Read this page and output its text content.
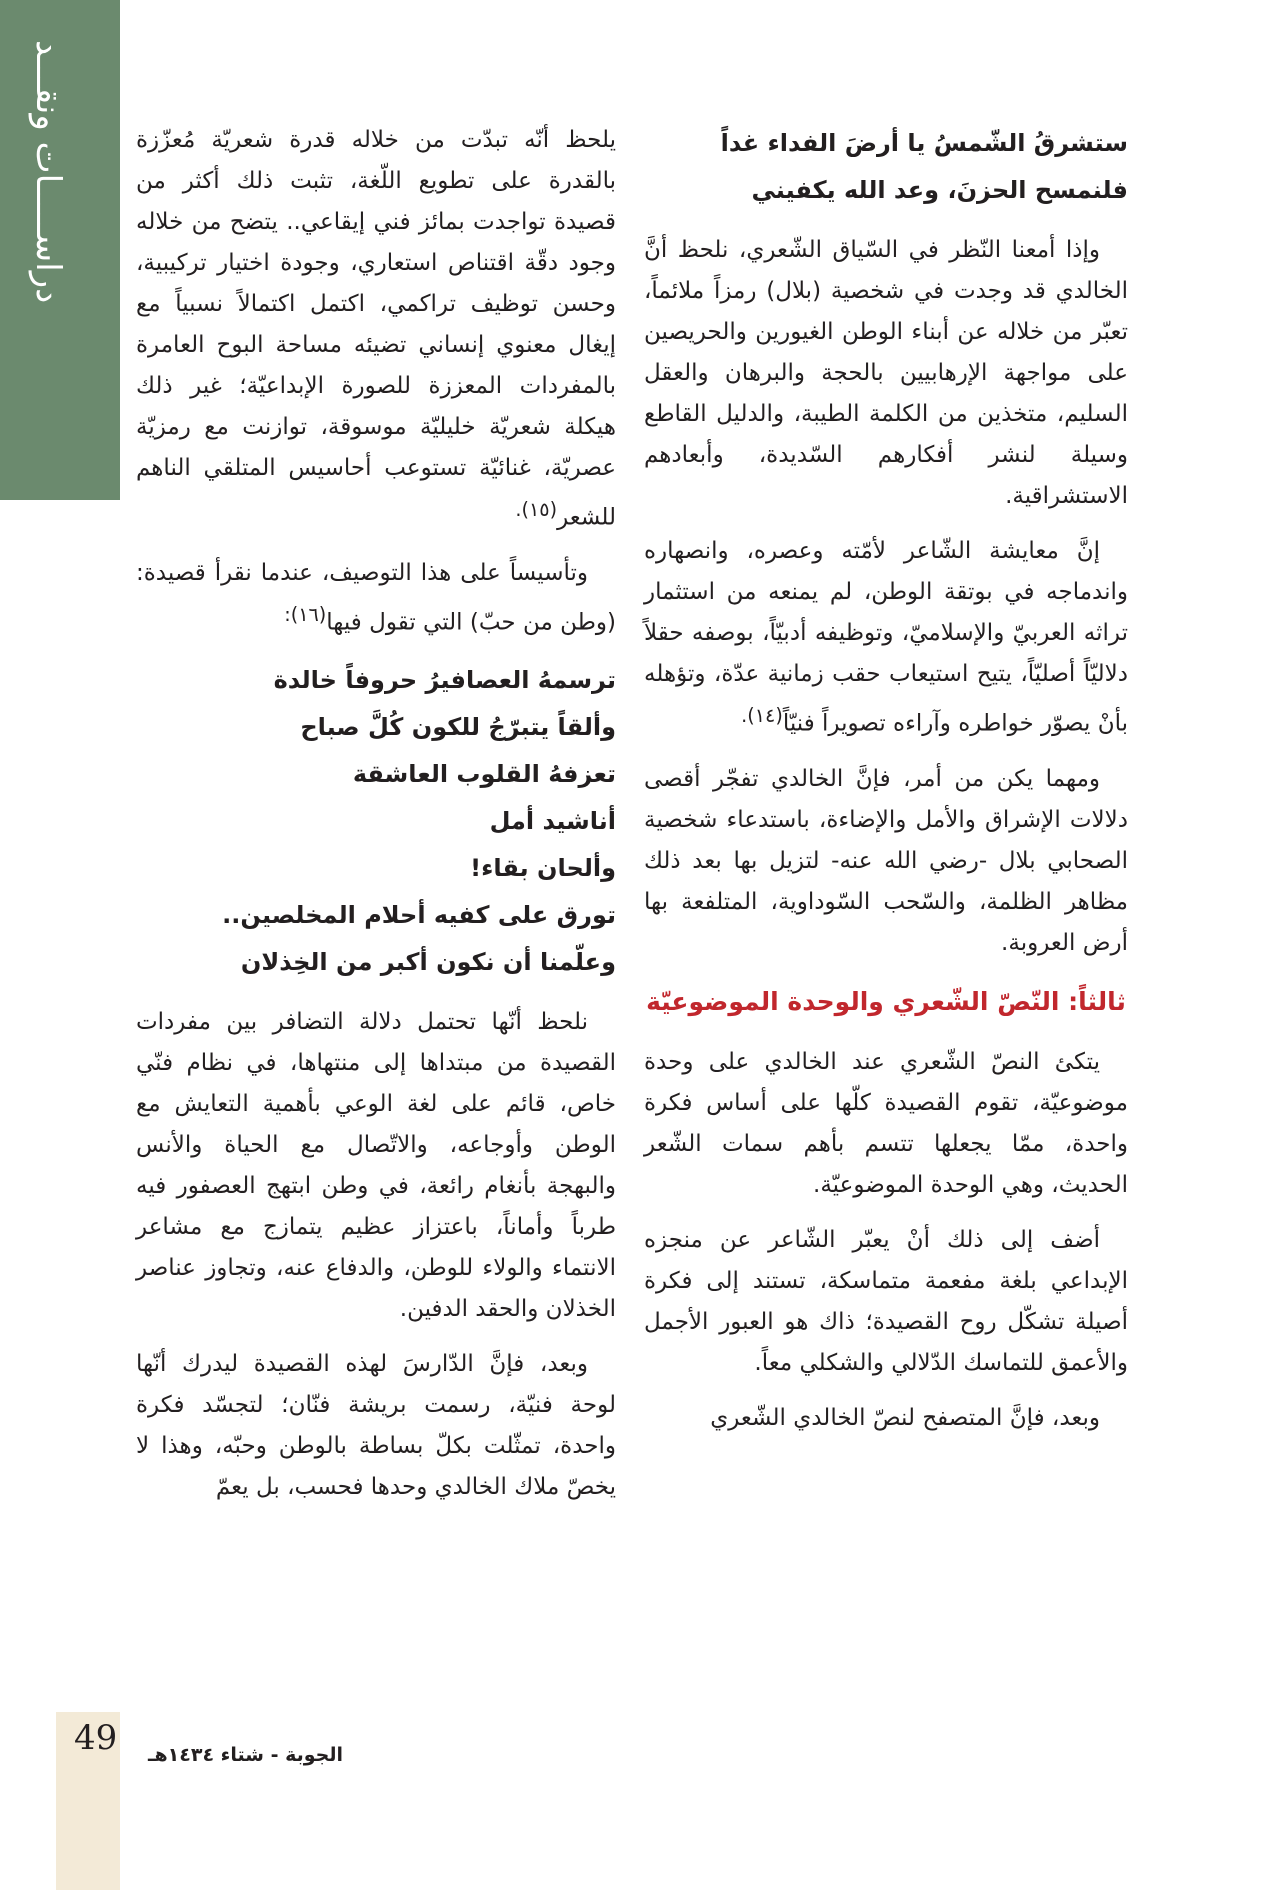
دراســـــات ونقـــد	ستشرقُ الشّمسُ يا أرضَ الفداء غداً
فلنمسح الحزنَ، وعد الله يكفيني

وإذا أمعنا النّظر في السّياق الشّعري، نلحظ أنَّ الخالدي قد وجدت في شخصية (بلال) رمزاً ملائماً، تعبّر من خلاله عن أبناء الوطن الغيورين والحريصين على مواجهة الإرهابيين بالحجة والبرهان والعقل السليم، متخذين من الكلمة الطيبة، والدليل القاطع وسيلة لنشر أفكارهم السّديدة، وأبعادهم الاستشراقية.

إنَّ معايشة الشّاعر لأمّته وعصره، وانصهاره واندماجه في بوتقة الوطن، لم يمنعه من استثمار تراثه العربيّ والإسلاميّ، وتوظيفه أدبيّاً، بوصفه حقلاً دلاليّاً أصليّاً، يتيح استيعاب حقب زمانية عدّة، وتؤهله بأنْ يصوّر خواطره وآراءه تصويراً فنيّاً$^{(١٤).}$

ومهما يكن من أمر، فإنَّ الخالدي تفجّر أقصى دلالات الإشراق والأمل والإضاءة، باستدعاء شخصية الصحابي بلال -رضي الله عنه- لتزيل بها بعد ذلك مظاهر الظلمة، والسّحب السّوداوية، المتلفعة بها أرض العروبة.

ثالثاً: النّصّ الشّعري والوحدة الموضوعيّة

يتكئ النصّ الشّعري عند الخالدي على وحدة موضوعيّة، تقوم القصيدة كلّها على أساس فكرة واحدة، ممّا يجعلها تتسم بأهم سمات الشّعر الحديث، وهي الوحدة الموضوعيّة.

أضف إلى ذلك أنْ يعبّر الشّاعر عن منجزه الإبداعي بلغة مفعمة متماسكة، تستند إلى فكرة أصيلة تشكّل روح القصيدة؛ ذاك هو العبور الأجمل والأعمق للتماسك الدّلالي والشكلي معاً.

وبعد، فإنَّ المتصفح لنصّ الخالدي الشّعري

يلحظ أنّه تبدّت من خلاله قدرة شعريّة مُعزّزة بالقدرة على تطويع اللّغة، تثبت ذلك أكثر من قصيدة تواجدت بمائز فني إيقاعي.. يتضح من خلاله وجود دقّة اقتناص استعاري، وجودة اختيار تركيبية، وحسن توظيف تراكمي، اكتمل اكتمالاً نسبياً مع إيغال معنوي إنساني تضيئه مساحة البوح العامرة بالمفردات المعززة للصورة الإبداعيّة؛ غير ذلك هيكلة شعريّة خليليّة موسوقة، توازنت مع رمزيّة عصريّة، غنائيّة تستوعب أحاسيس المتلقي الناهم للشعر$^{(١٥).}$

وتأسيساً على هذا التوصيف، عندما نقرأ قصيدة: (وطن من حبّ) التي تقول فيها$^{(١٦):}$

ترسمهُ العصافيرُ حروفاً خالدة
وألقاً يتبرّجُ للكون كُلَّ صباح
تعزفهُ القلوب العاشقة
أناشيد أمل
وألحان بقاء!
تورق على كفيه أحلام المخلصين..
وعلّمنا أن نكون أكبر من الخِذلان

نلحظ أنّها تحتمل دلالة التضافر بين مفردات القصيدة من مبتداها إلى منتهاها، في نظام فنّي خاص، قائم على لغة الوعي بأهمية التعايش مع الوطن وأوجاعه، والاتّصال مع الحياة والأنس والبهجة بأنغام رائعة، في وطن ابتهج العصفور فيه طرباً وأماناً، باعتزاز عظيم يتمازج مع مشاعر الانتماء والولاء للوطن، والدفاع عنه، وتجاوز عناصر الخذلان والحقد الدفين.

وبعد، فإنَّ الدّارسَ لهذه القصيدة ليدرك أنّها لوحة فنيّة، رسمت بريشة فنّان؛ لتجسّد فكرة واحدة، تمثّلت بكلّ بساطة بالوطن وحبّه، وهذا لا يخصّ ملاك الخالدي وحدها فحسب، بل يعمّ

49 الجوبة - شتاء ١٤٣٤هـ
